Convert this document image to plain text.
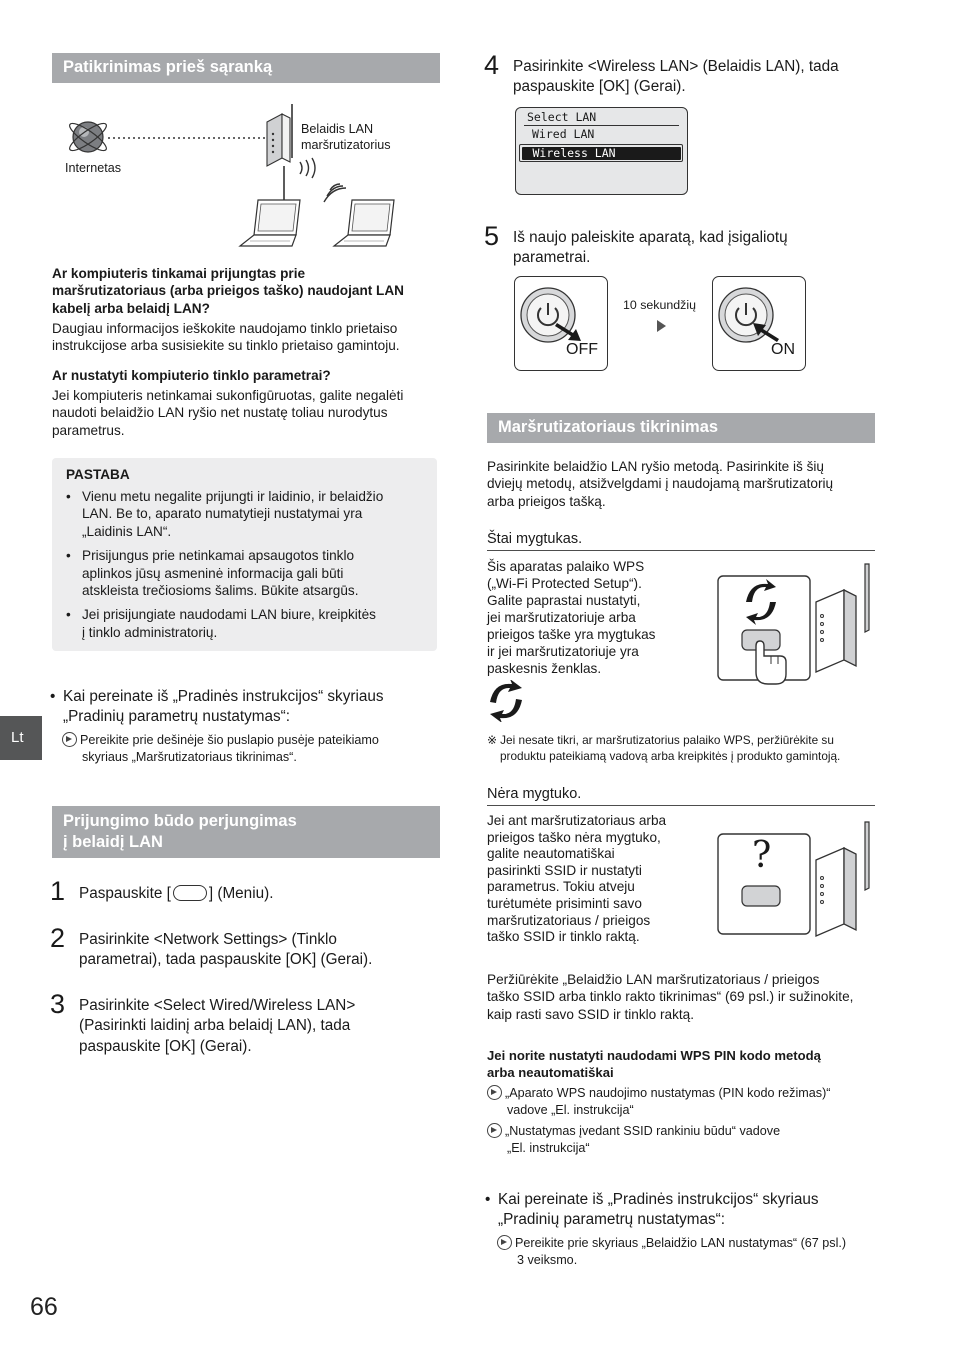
Patikrinimas prieš sąranką
Internetas
Belaidis LAN
maršrutizatorius
Ar kompiuteris tinkamai prijungtas prie
maršrutizatoriaus (arba prieigos taško) naudojant LAN
kabelį arba belaidį LAN?
Daugiau informacijos ieškokite naudojamo tinklo prietaiso
instrukcijose arba susisiekite su tinklo prietaiso gamintoju.
Ar nustatyti kompiuterio tinklo parametrai?
Jei kompiuteris netinkamai sukonfigūruotas, galite negalėti
naudoti belaidžio LAN ryšio net nustatę toliau nurodytus
parametrus.
PASTABA
• Vienu metu negalite prijungti ir laidinio, ir belaidžio
LAN. Be to, aparato numatytieji nustatymai yra
„Laidinis LAN“.
• Prisijungus prie netinkamai apsaugotos tinklo
aplinkos jūsų asmeninė informacija gali būti
atskleista trečiosioms šalims. Būkite atsargūs.
• Jei prisijungiate naudodami LAN biure, kreipkitės
į tinklo administratorių.
• Kai pereinate iš „Pradinės instrukcijos“ skyriaus
„Pradinių parametrų nustatymas“:
Pereikite prie dešinėje šio puslapio pusėje pateikiamo
skyriaus „Maršrutizatoriaus tikrinimas“.
Prijungimo būdo perjungimas
į belaidį LAN
1 Paspauskite [ ] (Meniu).
2 Pasirinkite <Network Settings> (Tinklo
parametrai), tada paspauskite [OK] (Gerai).
3 Pasirinkite <Select Wired/Wireless LAN>
(Pasirinkti laidinį arba belaidį LAN), tada
paspauskite [OK] (Gerai).
Lt
66
4 Pasirinkite <Wireless LAN> (Belaidis LAN), tada
paspauskite [OK] (Gerai).
Select LAN
Wired LAN
Wireless LAN
5 Iš naujo paleiskite aparatą, kad įsigaliotų
parametrai.
OFF
10 sekundžių
ON
Maršrutizatoriaus tikrinimas
Pasirinkite belaidžio LAN ryšio metodą. Pasirinkite iš šių
dviejų metodų, atsižvelgdami į naudojamą maršrutizatorių
arba prieigos tašką.
Štai mygtukas.
Šis aparatas palaiko WPS
(„Wi-Fi Protected Setup“).
Galite paprastai nustatyti,
jei maršrutizatoriuje arba
prieigos taške yra mygtukas
ir jei maršrutizatoriuje yra
paskesnis ženklas.
※ Jei nesate tikri, ar maršrutizatorius palaiko WPS, peržiūrėkite su
produktu pateikiamą vadovą arba kreipkitės į produkto gamintoją.
Nėra mygtuko.
Jei ant maršrutizatoriaus arba
prieigos taško nėra mygtuko,
galite neautomatiškai
pasirinkti SSID ir nustatyti
parametrus. Tokiu atveju
turėtumėte prisiminti savo
maršrutizatoriaus / prieigos
taško SSID ir tinklo raktą.
?
Peržiūrėkite „Belaidžio LAN maršrutizatoriaus / prieigos
taško SSID arba tinklo rakto tikrinimas“ (69 psl.) ir sužinokite,
kaip rasti savo SSID ir tinklo raktą.
Jei norite nustatyti naudodami WPS PIN kodo metodą
arba neautomatiškai
„Aparato WPS naudojimo nustatymas (PIN kodo režimas)“
vadove „El. instrukcija“
„Nustatymas įvedant SSID rankiniu būdu“ vadove
„El. instrukcija“
• Kai pereinate iš „Pradinės instrukcijos“ skyriaus
„Pradinių parametrų nustatymas“:
Pereikite prie skyriaus „Belaidžio LAN nustatymas“ (67 psl.)
3 veiksmo.
